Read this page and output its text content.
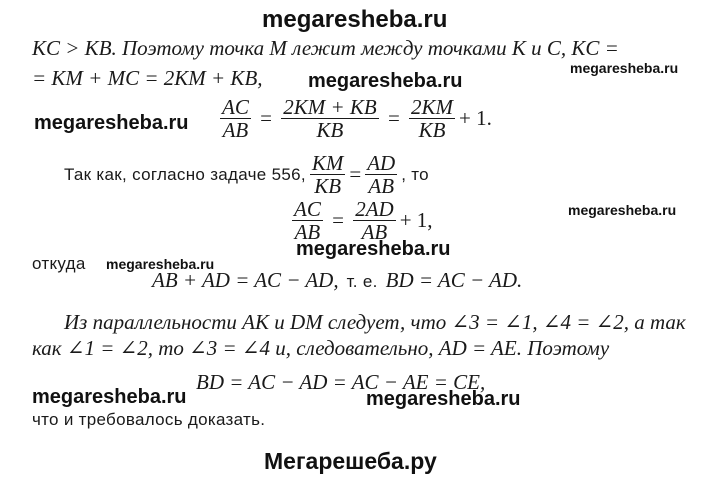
megaresheba.ru
KC > KB. Поэтому точка M лежит между точками K и C, KC =
= KM + MC = 2KM + KB, megaresheba.ru
megaresheba.ru
megaresheba.ru $\frac{AC}{AB} = \frac{2KM + KB}{KB} = \frac{2KM}{KB} + 1$.
Так как, согласно задаче 556, $\frac{KM}{KB} = \frac{AD}{AB}$ , то
megaresheba.ru
$\frac{AC}{AB} = \frac{2AD}{AB} + 1$,
megaresheba.ru
откуда megaresheba.ru
AB + AD = AC − AD, т. е. BD = AC − AD.
Из параллельности AK и DM следует, что ∠3 = ∠1, ∠4 = ∠2, а так
как ∠1 = ∠2, то ∠3 = ∠4 и, следовательно, AD = AE. Поэтому
megaresheba.ru
BD = AC − AD = AC − AE = CE,
megaresheba.ru
что и требовалось доказать.
Мегарешеба.ру
